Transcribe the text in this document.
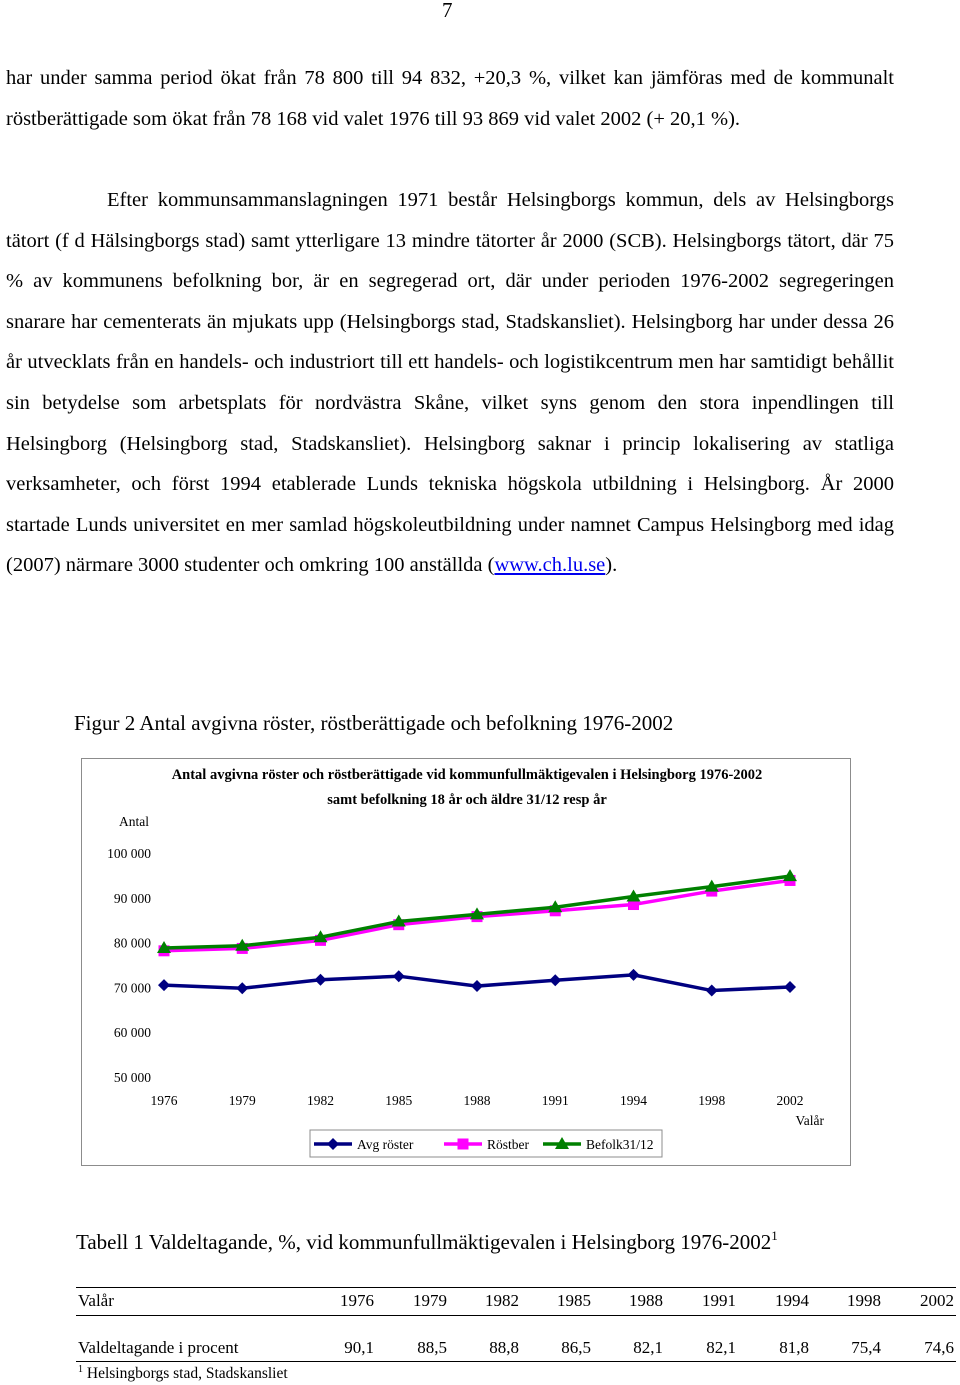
7

har under samma period ökat från 78 800 till 94 832, +20,3 %, vilket kan jämföras med de kommunalt röstberättigade som ökat från 78 168 vid valet 1976 till 93 869 vid valet 2002 (+ 20,1 %).

Efter kommunsammanslagningen 1971 består Helsingborgs kommun, dels av Helsingborgs tätort (f d Hälsingborgs stad) samt ytterligare 13 mindre tätorter år 2000 (SCB). Helsingborgs tätort, där 75 % av kommunens befolkning bor, är en segregerad ort, där under perioden 1976-2002 segregeringen snarare har cementerats än mjukats upp (Helsingborgs stad, Stadskansliet). Helsingborg har under dessa 26 år utvecklats från en handels- och industriort till ett handels- och logistikcentrum men har samtidigt behållit sin betydelse som arbetsplats för nordvästra Skåne, vilket syns genom den stora inpendlingen till Helsingborg (Helsingborg stad, Stadskansliet). Helsingborg saknar i princip lokalisering av statliga verksamheter, och först 1994 etablerade Lunds tekniska högskola utbildning i Helsingborg. År 2000 startade Lunds universitet en mer samlad högskoleutbildning under namnet Campus Helsingborg med idag (2007) närmare 3000 studenter och omkring 100 anställda (www.ch.lu.se).

Figur 2 Antal avgivna röster, röstberättigade och befolkning 1976-2002

Antal avgivna röster och röstberättigade vid kommunfullmäktigevalen i Helsingborg 1976-2002
samt befolkning 18 år och äldre 31/12 resp år
Antal
50 000
60 000
70 000
80 000
90 000
100 000
1976	1979	1982	1985	1988	1991	1994	1998	2002
Valår
Avg röster	Röstber	Befolk31/12

Tabell 1 Valdeltagande, %, vid kommunfullmäktigevalen i Helsingborg 1976-2002$^1$

Valår	1976	1979	1982	1985	1988	1991	1994	1998	2002
Valdeltagande i procent	90,1	88,5	88,8	86,5	82,1	82,1	81,8	75,4	74,6
$^1$ Helsingborgs stad, Stadskansliet
